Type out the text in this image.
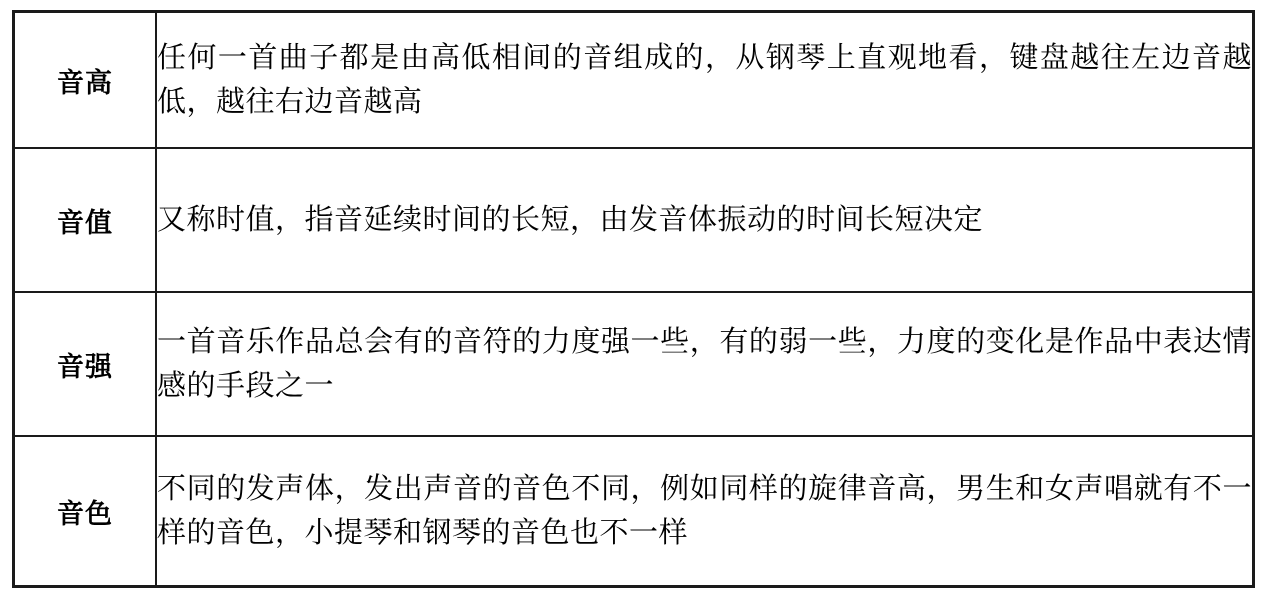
音高	任何一首曲子都是由高低相间的音组成的，从钢琴上直观地看，键盘越往左边音越低，越往右边音越高

音值	又称时值，指音延续时间的长短，由发音体振动的时间长短决定

音强	一首音乐作品总会有的音符的力度强一些，有的弱一些，力度的变化是作品中表达情感的手段之一

音色	不同的发声体，发出声音的音色不同，例如同样的旋律音高，男生和女声唱就有不一样的音色，小提琴和钢琴的音色也不一样
